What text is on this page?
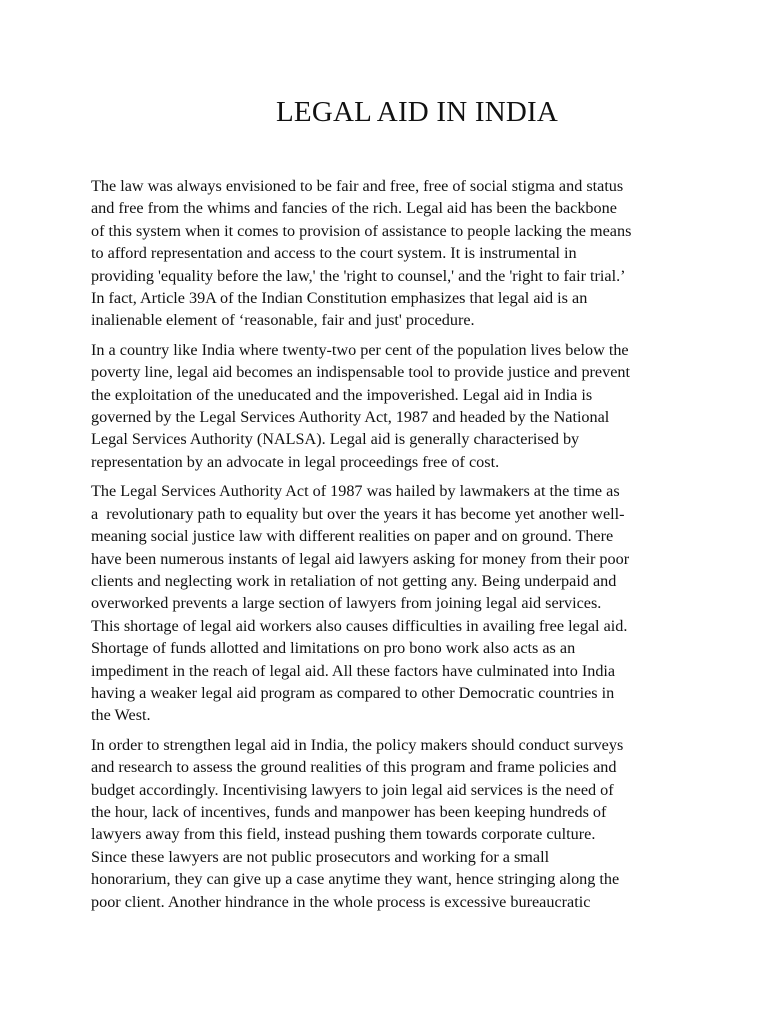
LEGAL AID IN INDIA

The law was always envisioned to be fair and free, free of social stigma and status
and free from the whims and fancies of the rich. Legal aid has been the backbone
of this system when it comes to provision of assistance to people lacking the means
to afford representation and access to the court system. It is instrumental in
providing 'equality before the law,' the 'right to counsel,' and the 'right to fair trial.’
In fact, Article 39A of the Indian Constitution emphasizes that legal aid is an
inalienable element of ‘reasonable, fair and just' procedure.

In a country like India where twenty-two per cent of the population lives below the
poverty line, legal aid becomes an indispensable tool to provide justice and prevent
the exploitation of the uneducated and the impoverished. Legal aid in India is
governed by the Legal Services Authority Act, 1987 and headed by the National
Legal Services Authority (NALSA). Legal aid is generally characterised by
representation by an advocate in legal proceedings free of cost.

The Legal Services Authority Act of 1987 was hailed by lawmakers at the time as
a  revolutionary path to equality but over the years it has become yet another well-
meaning social justice law with different realities on paper and on ground. There
have been numerous instants of legal aid lawyers asking for money from their poor
clients and neglecting work in retaliation of not getting any. Being underpaid and
overworked prevents a large section of lawyers from joining legal aid services.
This shortage of legal aid workers also causes difficulties in availing free legal aid.
Shortage of funds allotted and limitations on pro bono work also acts as an
impediment in the reach of legal aid. All these factors have culminated into India
having a weaker legal aid program as compared to other Democratic countries in
the West.

In order to strengthen legal aid in India, the policy makers should conduct surveys
and research to assess the ground realities of this program and frame policies and
budget accordingly. Incentivising lawyers to join legal aid services is the need of
the hour, lack of incentives, funds and manpower has been keeping hundreds of
lawyers away from this field, instead pushing them towards corporate culture.
Since these lawyers are not public prosecutors and working for a small
honorarium, they can give up a case anytime they want, hence stringing along the
poor client. Another hindrance in the whole process is excessive bureaucratic
